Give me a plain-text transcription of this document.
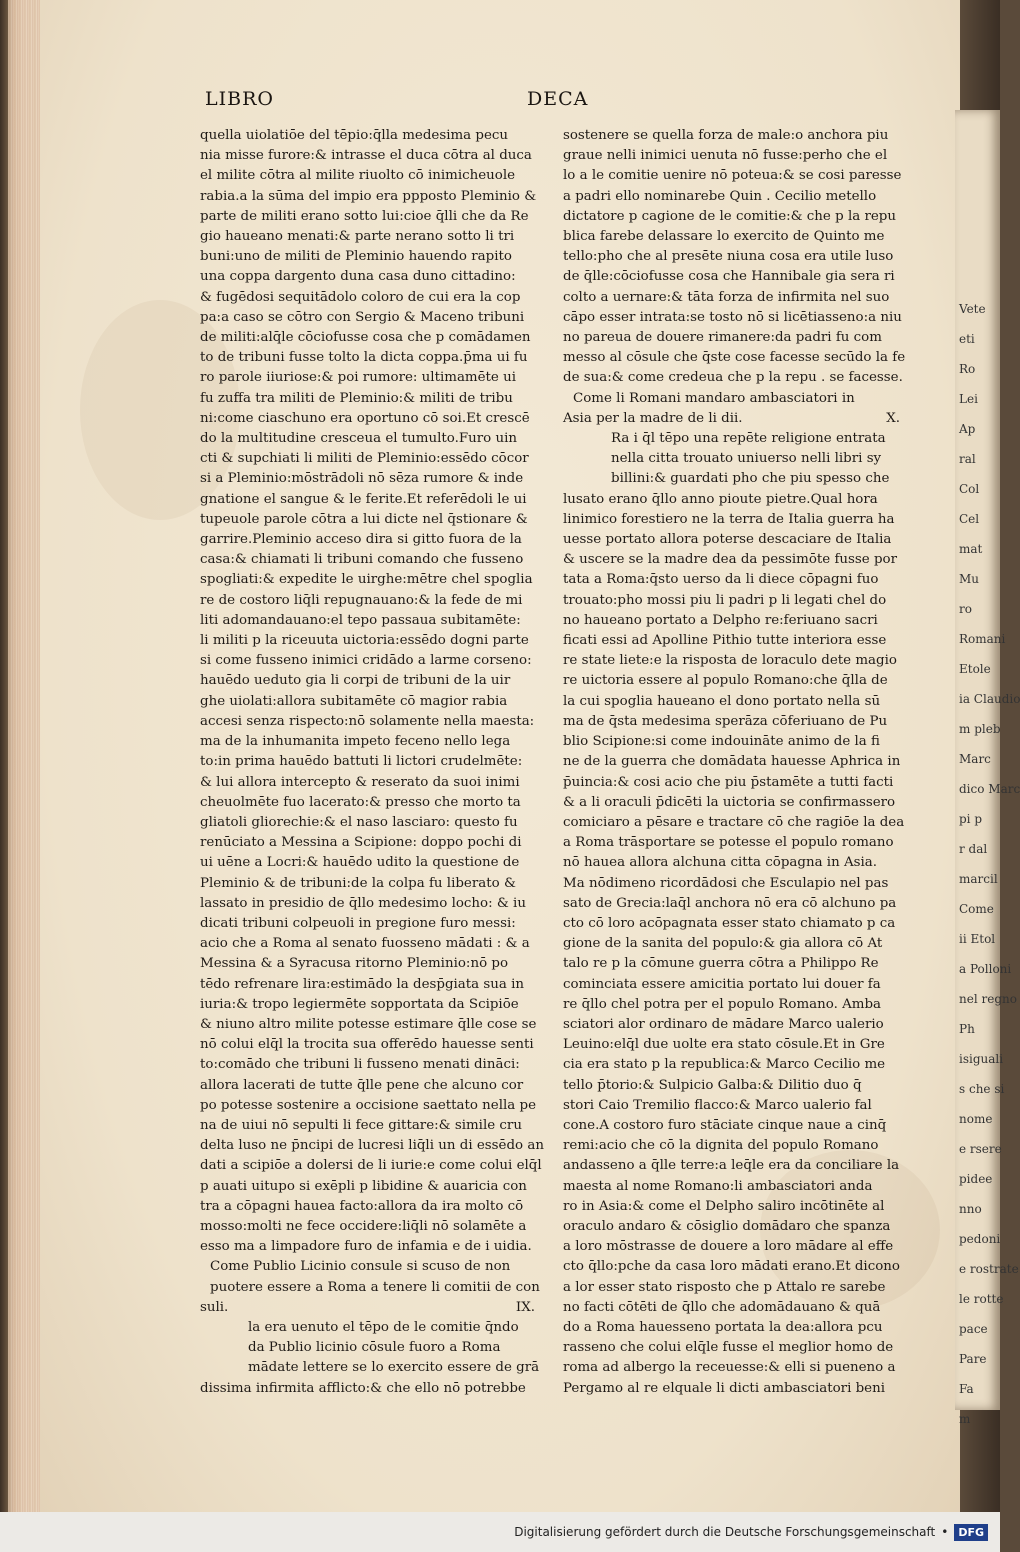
LIBRO	DECA
quella uiolatiōe del tēpio:q̄lla medesima pecu
nia misse furore:& intrasse el duca cōtra al duca
el milite cōtra al milite riuolto cō inimicheuole
rabia.a la sūma del impio era ppposto Pleminio &
parte de militi erano sotto lui:cioe q̄lli che da Re
gio haueano menati:& parte nerano sotto li tri
buni:uno de militi de Pleminio hauendo rapito
una coppa dargento duna casa duno cittadino:
& fugēdosi sequitādolo coloro de cui era la cop
pa:a caso se cōtro con Sergio & Maceno tribuni
de militi:alq̄le cōciofusse cosa che p comādamen
to de tribuni fusse tolto la dicta coppa.p̄ma ui fu
ro parole iiuriose:& poi rumore: ultimamēte ui
fu zuffa tra militi de Pleminio:& militi de tribu
ni:come ciaschuno era oportuno cō soi.Et crescē
do la multitudine cresceua el tumulto.Furo uin
cti & supchiati li militi de Pleminio:essēdo cōcor
si a Pleminio:mōstrādoli nō sēza rumore & inde
gnatione el sangue & le ferite.Et referēdoli le ui
tupeuole parole cōtra a lui dicte nel q̄stionare &
garrire.Pleminio acceso dira si gitto fuora de la
casa:& chiamati li tribuni comando che fusseno
spogliati:& expedite le uirghe:mētre chel spoglia
re de costoro liq̄li repugnauano:& la fede de mi
liti adomandauano:el tepo passaua subitamēte:
li militi p la riceuuta uictoria:essēdo dogni parte
si come fusseno inimici cridādo a larme corseno:
hauēdo ueduto gia li corpi de tribuni de la uir
ghe uiolati:allora subitamēte cō magior rabia
accesi senza rispecto:nō solamente nella maesta:
ma de la inhumanita impeto feceno nello lega
to:in prima hauēdo battuti li lictori crudelmēte:
& lui allora intercepto & reserato da suoi inimi
cheuolmēte fuo lacerato:& presso che morto ta
gliatoli gliorechie:& el naso lasciaro: questo fu
renūciato a Messina a Scipione: doppo pochi di
ui uēne a Locri:& hauēdo udito la questione de
Pleminio & de tribuni:de la colpa fu liberato &
lassato in presidio de q̄llo medesimo locho: & iu
dicati tribuni colpeuoli in pregione furo messi:
acio che a Roma al senato fuosseno mādati : & a
Messina & a Syracusa ritorno Pleminio:nō po
tēdo refrenare lira:estimādo la desp̄giata sua in
iuria:& tropo legiermēte sopportata da Scipiōe
& niuno altro milite potesse estimare q̄lle cose se
nō colui elq̄l la trocita sua offerēdo hauesse senti
to:comādo che tribuni li fusseno menati dināci:
allora lacerati de tutte q̄lle pene che alcuno cor
po potesse sostenire a occisione saettato nella pe
na de uiui nō sepulti li fece gittare:& simile cru
delta luso ne p̄ncipi de lucresi liq̄li un di essēdo an
dati a scipiōe a dolersi de li iurie:e come colui elq̄l
p auati uitupo si exēpli p libidine & auaricia con
tra a cōpagni hauea facto:allora da ira molto cō
mosso:molti ne fece occidere:liq̄li nō solamēte a
esso ma a limpadore furo de infamia e de i uidia.
Come Publio Licinio consule si scuso de non
puotere essere a Roma a tenere li comitii de con
suli.	IX.
la era uenuto el tēpo de le comitie q̄ndo
da Publio licinio cōsule fuoro a Roma
mādate lettere se lo exercito essere de grā
dissima infirmita afflicto:& che ello nō potrebbe
sostenere se quella forza de male:o anchora piu
graue nelli inimici uenuta nō fusse:perho che el
lo a le comitie uenire nō poteua:& se cosi paresse
a padri ello nominarebe Quin . Cecilio metello
dictatore p cagione de le comitie:& che p la repu
blica farebe delassare lo exercito de Quinto me
tello:pho che al presēte niuna cosa era utile luso
de q̄lle:cōciofusse cosa che Hannibale gia sera ri
colto a uernare:& tāta forza de infirmita nel suo
cāpo esser intrata:se tosto nō si licētiasseno:a niu
no pareua de douere rimanere:da padri fu com
messo al cōsule che q̄ste cose facesse secūdo la fe
de sua:& come credeua che p la repu . se facesse.
Come li Romani mandaro ambasciatori in
Asia per la madre de li dii.	X.
Ra i q̄l tēpo una repēte religione entrata
nella citta trouato uniuerso nelli libri sy
billini:& guardati pho che piu spesso che
lusato erano q̄llo anno pioute pietre.Qual hora
linimico forestiero ne la terra de Italia guerra ha
uesse portato allora poterse descaciare de Italia
& uscere se la madre dea da pessimōte fusse por
tata a Roma:q̄sto uerso da li diece cōpagni fuo
trouato:pho mossi piu li padri p li legati chel do
no haueano portato a Delpho re:feriuano sacri
ficati essi ad Apolline Pithio tutte interiora esse
re state liete:e la risposta de loraculo dete magio
re uictoria essere al populo Romano:che q̄lla de
la cui spoglia haueano el dono portato nella sū
ma de q̄sta medesima sperāza cōferiuano de Pu
blio Scipione:si come indouināte animo de la fi
ne de la guerra che domādata hauesse Aphrica in
p̄uincia:& cosi acio che piu p̄stamēte a tutti facti
& a li oraculi p̄dicēti la uictoria se confirmassero
comiciaro a pēsare e tractare cō che ragiōe la dea
a Roma trāsportare se potesse el populo romano
nō hauea allora alchuna citta cōpagna in Asia.
Ma nōdimeno ricordādosi che Esculapio nel pas
sato de Grecia:laq̄l anchora nō era cō alchuno pa
cto cō loro acōpagnata esser stato chiamato p ca
gione de la sanita del populo:& gia allora cō At
talo re p la cōmune guerra cōtra a Philippo Re
cominciata essere amicitia portato lui douer fa
re q̄llo chel potra per el populo Romano. Amba
sciatori alor ordinaro de mādare Marco ualerio
Leuino:elq̄l due uolte era stato cōsule.Et in Gre
cia era stato p la republica:& Marco Cecilio me
tello p̄torio:& Sulpicio Galba:& Dilitio duo q̄
stori Caio Tremilio flacco:& Marco ualerio fal
cone.A costoro furo stāciate cinque naue a cinq̄
remi:acio che cō la dignita del populo Romano
andasseno a q̄lle terre:a leq̄le era da conciliare la
maesta al nome Romano:li ambasciatori anda
ro in Asia:& come el Delpho saliro incōtinēte al
oraculo andaro & cōsiglio domādaro che spanza
a loro mōstrasse de douere a loro mādare al effe
cto q̄llo:pche da casa loro mādati erano.Et dicono
a lor esser stato risposto che p Attalo re sarebe
no facti cōtēti de q̄llo che adomādauano & quā
do a Roma hauesseno portata la dea:allora pcu
rasseno che colui elq̄le fusse el meglior homo de
roma ad albergo la receuesse:& elli si pueneno a
Pergamo al re elquale li dicti ambasciatori beni
Vete
eti
Ro
Lei
Ap
ral
Col
Cel
mat
Mu
ro
Romani
Etole
ia Claudio
m pleb
Marc
dico Marc
pi p
r dal
marcil
Come
ii Etol
a Polloni
nel regno
Ph
isiguali
s che si
nome
e rsere
pidee
nno
pedoni
e rostrate
le rotte
pace
Pare
Fa
m
Digitalisierung gefördert durch die Deutsche Forschungsgemeinschaft • DFG
